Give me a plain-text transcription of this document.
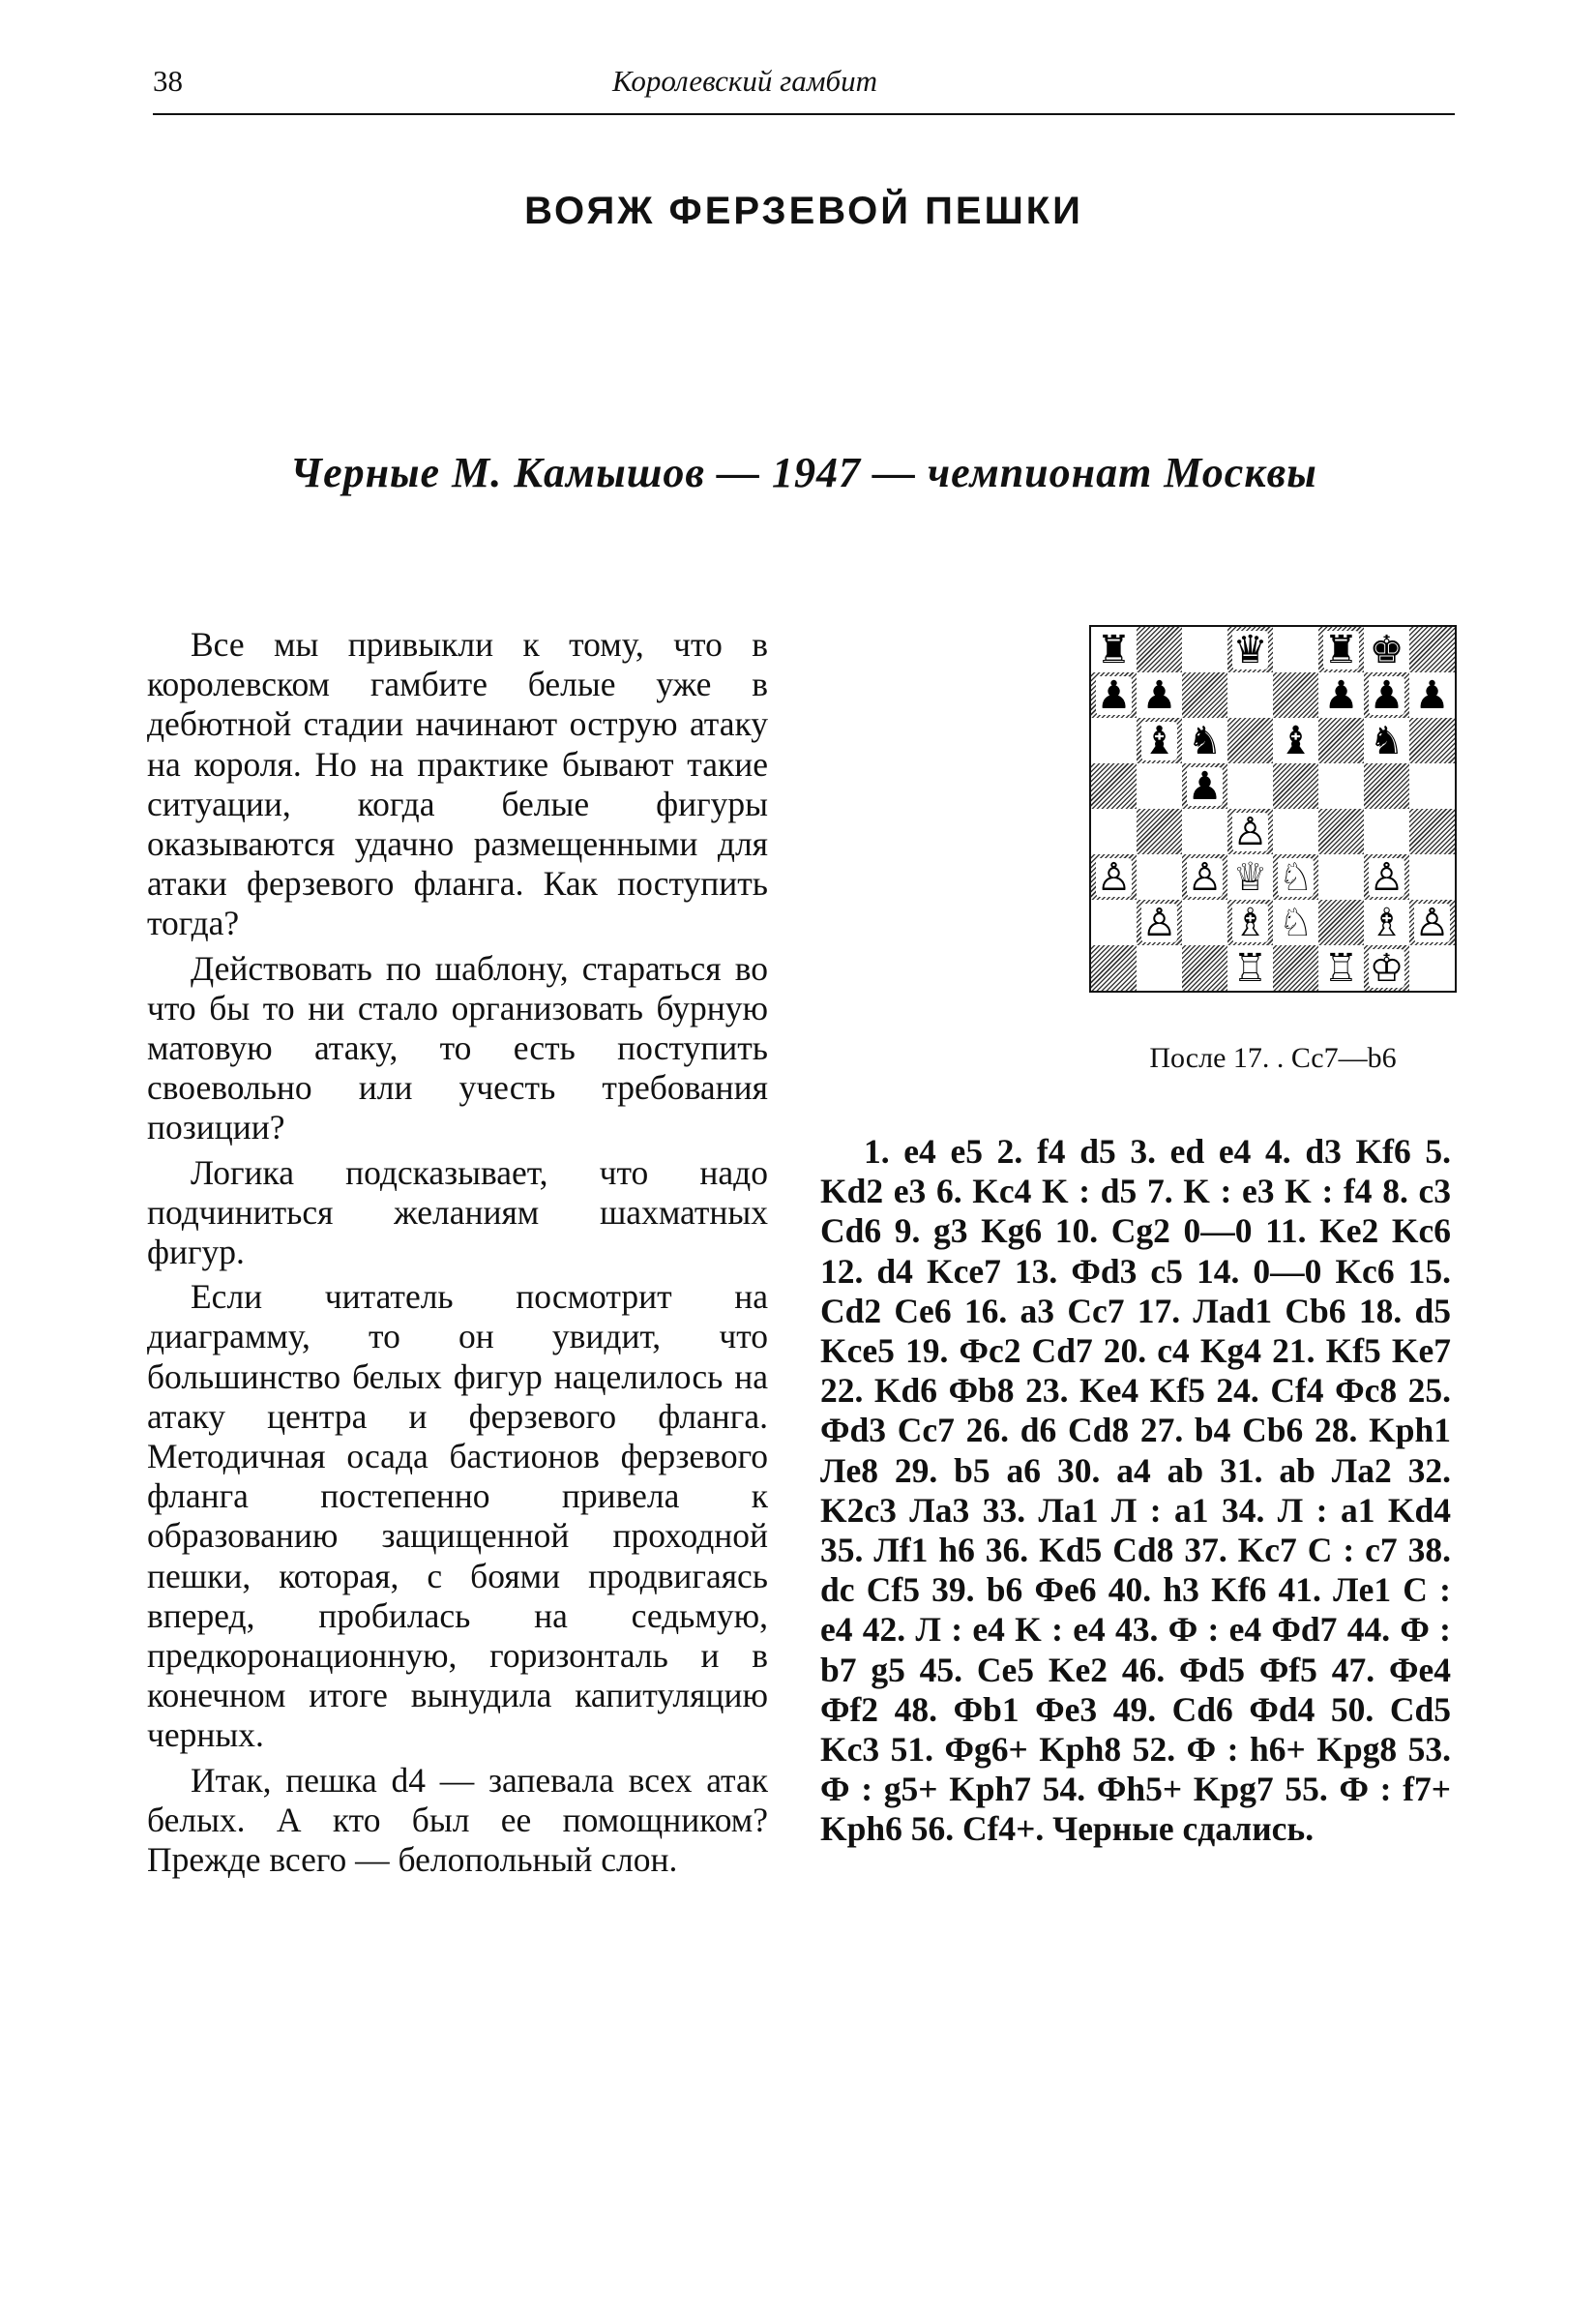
38	Королевский гамбит
ВОЯЖ ФЕРЗЕВОЙ ПЕШКИ
Черные М. Камышов — 1947 — чемпионат Москвы

Все мы привыкли к тому, что в королевском гамбите белые уже в дебютной стадии начинают острую атаку на короля. Но на практике бывают такие ситуации, когда белые фигуры оказываются удачно размещенными для атаки ферзевого фланга. Как поступить тогда?

Действовать по шаблону, стараться во что бы то ни стало организовать бурную матовую атаку, то есть поступить своевольно или учесть требования позиции?

Логика подсказывает, что надо подчиниться желаниям шахматных фигур.

Если читатель посмотрит на диаграмму, то он увидит, что большинство белых фигур нацелилось на атаку центра и ферзевого фланга. Методичная осада бастионов ферзевого фланга постепенно привела к образованию защищенной проходной пешки, которая, с боями продвигаясь вперед, пробилась на седьмую, предкоронационную, горизонталь и в конечном итоге вынудила капитуляцию черных.

Итак, пешка d4 — запевала всех атак белых. А кто был ее помощником? Прежде всего — белопольный слон.

♜	♛ ♜ ♚
♟ ♟	♟ ♟ ♟
♝ ♞ ♝ ♞
♟
♙
♙ ♙ ♕ ♘ ♙
♙ ♗ ♘ ♗ ♙
♖ ♖ ♔
После 17. . Сс7—b6
1. e4 e5 2. f4 d5 3. ed e4 4. d3 Kf6 5. Kd2 e3 6. Kc4 K : d5 7. K : e3 K : f4 8. c3 Cd6 9. g3 Kg6 10. Cg2 0—0 11. Ke2 Kc6 12. d4 Kce7 13. Фd3 c5 14. 0—0 Kc6 15. Cd2 Ce6 16. a3 Cc7 17. Лad1 Cb6 18. d5 Kce5 19. Фc2 Cd7 20. c4 Kg4 21. Kf5 Ke7 22. Kd6 Фb8 23. Ke4 Kf5 24. Cf4 Фc8 25. Фd3 Cc7 26. d6 Cd8 27. b4 Cb6 28. Kph1 Лe8 29. b5 a6 30. a4 ab 31. ab Лa2 32. K2c3 Лa3 33. Лa1 Л : a1 34. Л : a1 Kd4 35. Лf1 h6 36. Kd5 Cd8 37. Kc7 C : c7 38. dc Cf5 39. b6 Фe6 40. h3 Kf6 41. Лe1 C : e4 42. Л : e4 K : e4 43. Ф : e4 Фd7 44. Ф : b7 g5 45. Ce5 Ke2 46. Фd5 Фf5 47. Фe4 Фf2 48. Фb1 Фe3 49. Cd6 Фd4 50. Cd5 Kc3 51. Фg6+ Kph8 52. Ф : h6+ Kpg8 53. Ф : g5+ Kph7 54. Фh5+ Kpg7 55. Ф : f7+ Kph6 56. Cf4+. Черные сдались.
